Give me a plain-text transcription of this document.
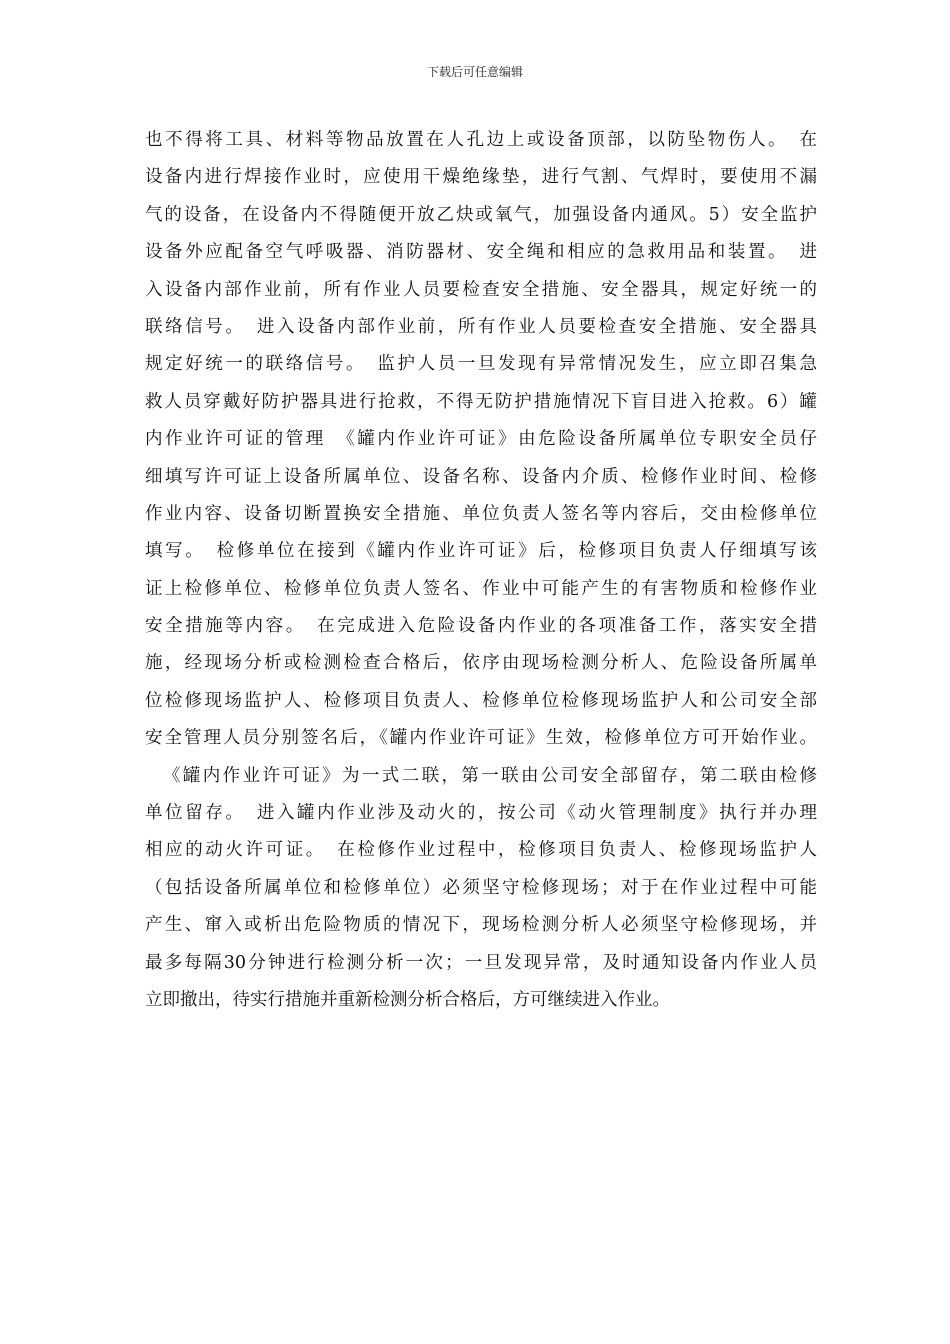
下载后可任意编辑
也不得将工具、材料等物品放置在人孔边上或设备顶部，以防坠物伤人。　在
设备内进行焊接作业时，应使用干燥绝缘垫，进行气割、气焊时，要使用不漏
气的设备，在设备内不得随便开放乙炔或氧气，加强设备内通风。5）安全监护
设备外应配备空气呼吸器、消防器材、安全绳和相应的急救用品和装置。　进
入设备内部作业前，所有作业人员要检查安全措施、安全器具，规定好统一的
联络信号。　进入设备内部作业前，所有作业人员要检查安全措施、安全器具
规定好统一的联络信号。　监护人员一旦发现有异常情况发生，应立即召集急
救人员穿戴好防护器具进行抢救，不得无防护措施情况下盲目进入抢救。6）罐
内作业许可证的管理　《罐内作业许可证》由危险设备所属单位专职安全员仔
细填写许可证上设备所属单位、设备名称、设备内介质、检修作业时间、检修
作业内容、设备切断置换安全措施、单位负责人签名等内容后，交由检修单位
填写。　检修单位在接到《罐内作业许可证》后，检修项目负责人仔细填写该
证上检修单位、检修单位负责人签名、作业中可能产生的有害物质和检修作业
安全措施等内容。　在完成进入危险设备内作业的各项准备工作，落实安全措
施，经现场分析或检测检查合格后，依序由现场检测分析人、危险设备所属单
位检修现场监护人、检修项目负责人、检修单位检修现场监护人和公司安全部
安全管理人员分别签名后，《罐内作业许可证》生效，检修单位方可开始作业。
《罐内作业许可证》为一式二联，第一联由公司安全部留存，第二联由检修
单位留存。　进入罐内作业涉及动火的，按公司《动火管理制度》执行并办理
相应的动火许可证。　在检修作业过程中，检修项目负责人、检修现场监护人
（包括设备所属单位和检修单位）必须坚守检修现场；对于在作业过程中可能
产生、窜入或析出危险物质的情况下，现场检测分析人必须坚守检修现场，并
最多每隔30分钟进行检测分析一次；一旦发现异常，及时通知设备内作业人员
立即撤出，待实行措施并重新检测分析合格后，方可继续进入作业。
